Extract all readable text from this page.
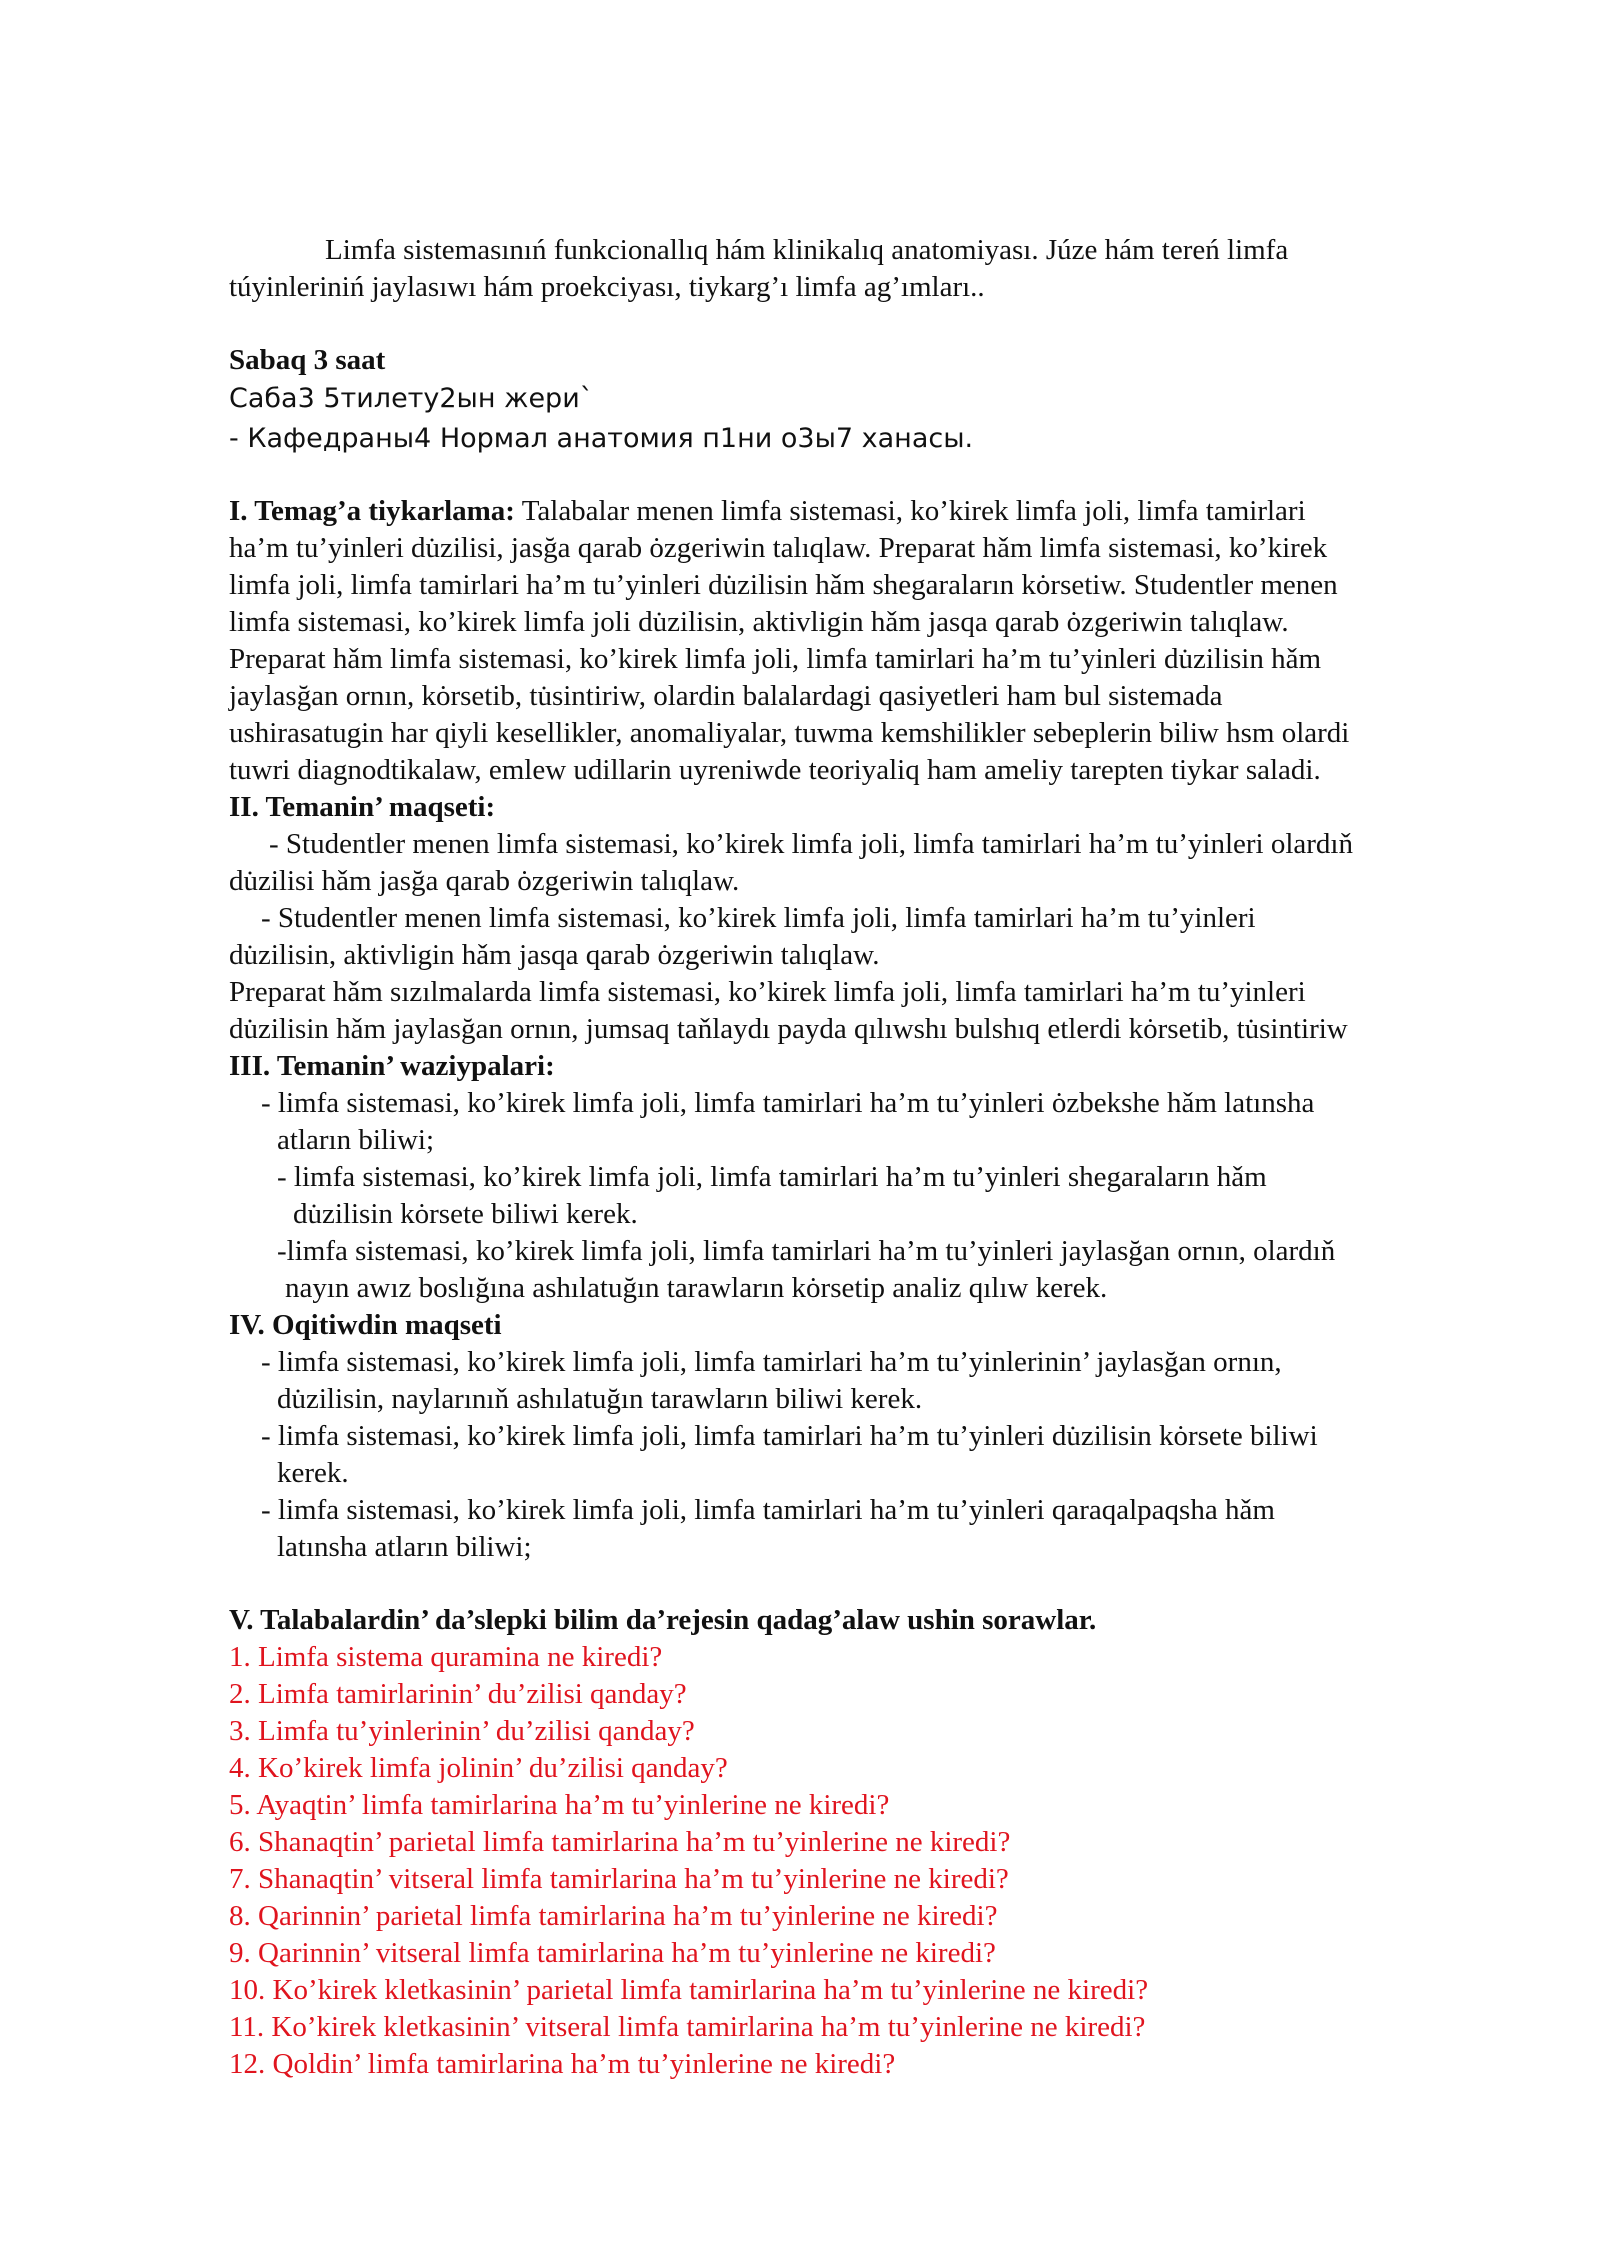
Limfa sistemasınıń funkcionallıq hám klinikalıq anatomiyası. Júze hám tereń limfa
túyinleriniń jaylasıwı hám proekciyası, tiykarg’ı limfa ag’ımları..
Sabaq 3 saat
Саба3 5тилету2ын жери`
- Кафедраны4 Нормал анатомия п1ни о3ы7 ханасы.
I. Temag’a tiykarlama: Talabalar menen limfa sistemasi, ko’kirek limfa joli, limfa tamirlari
ha’m tu’yinleri du̇zilisi, jasğa qarab ȯzgeriwin talıqlaw. Preparat hǎm limfa sistemasi, ko’kirek
limfa joli, limfa tamirlari ha’m tu’yinleri du̇zilisin hǎm shegaraların kȯrsetiw. Studentler menen
limfa sistemasi, ko’kirek limfa joli du̇zilisin, aktivligin hǎm jasqa qarab ȯzgeriwin talıqlaw.
Preparat hǎm limfa sistemasi, ko’kirek limfa joli, limfa tamirlari ha’m tu’yinleri du̇zilisin hǎm
jaylasğan ornın, kȯrsetib, tu̇sintiriw, olardin balalardagi qasiyetleri ham bul sistemada
ushirasatugin har qiyli kesellikler, anomaliyalar, tuwma kemshilikler sebeplerin biliw hsm olardi
tuwri diagnodtikalaw, emlew udillarin uyreniwde teoriyaliq ham ameliy tarepten tiykar saladi.
II. Temanin’ maqseti:
- Studentler menen limfa sistemasi, ko’kirek limfa joli, limfa tamirlari ha’m tu’yinleri olardıň
du̇zilisi hǎm jasğa qarab ȯzgeriwin talıqlaw.
- Studentler menen limfa sistemasi, ko’kirek limfa joli, limfa tamirlari ha’m tu’yinleri
du̇zilisin, aktivligin hǎm jasqa qarab ȯzgeriwin talıqlaw.
Preparat hǎm sızılmalarda limfa sistemasi, ko’kirek limfa joli, limfa tamirlari ha’m tu’yinleri
du̇zilisin hǎm jaylasğan ornın, jumsaq taňlaydı payda qılıwshı bulshıq etlerdi kȯrsetib, tu̇sintiriw
III. Temanin’ waziypalari:
- limfa sistemasi, ko’kirek limfa joli, limfa tamirlari ha’m tu’yinleri ȯzbekshe hǎm latınsha
atların biliwi;
- limfa sistemasi, ko’kirek limfa joli, limfa tamirlari ha’m tu’yinleri shegaraların hǎm
du̇zilisin kȯrsete biliwi kerek.
-limfa sistemasi, ko’kirek limfa joli, limfa tamirlari ha’m tu’yinleri jaylasğan ornın, olardıň
nayın awız boslığına ashılatuğın tarawların kȯrsetip analiz qılıw kerek.
IV. Oqitiwdin maqseti
- limfa sistemasi, ko’kirek limfa joli, limfa tamirlari ha’m tu’yinlerinin’ jaylasğan ornın,
du̇zilisin, naylarınıň ashılatuğın tarawların biliwi kerek.
- limfa sistemasi, ko’kirek limfa joli, limfa tamirlari ha’m tu’yinleri du̇zilisin kȯrsete biliwi
kerek.
- limfa sistemasi, ko’kirek limfa joli, limfa tamirlari ha’m tu’yinleri qaraqalpaqsha hǎm
latınsha atların biliwi;
V. Talabalardin’ da’slepki bilim da’rejesin qadag’alaw ushin sorawlar.
1. Limfa sistema quramina ne kiredi?
2. Limfa tamirlarinin’ du’zilisi qanday?
3. Limfa tu’yinlerinin’ du’zilisi qanday?
4. Ko’kirek limfa jolinin’ du’zilisi qanday?
5. Ayaqtin’ limfa tamirlarina ha’m tu’yinlerine ne kiredi?
6. Shanaqtin’ parietal limfa tamirlarina ha’m tu’yinlerine ne kiredi?
7. Shanaqtin’ vitseral limfa tamirlarina ha’m tu’yinlerine ne kiredi?
8. Qarinnin’ parietal limfa tamirlarina ha’m tu’yinlerine ne kiredi?
9. Qarinnin’ vitseral limfa tamirlarina ha’m tu’yinlerine ne kiredi?
10. Ko’kirek kletkasinin’ parietal limfa tamirlarina ha’m tu’yinlerine ne kiredi?
11. Ko’kirek kletkasinin’ vitseral limfa tamirlarina ha’m tu’yinlerine ne kiredi?
12. Qoldin’ limfa tamirlarina ha’m tu’yinlerine ne kiredi?
